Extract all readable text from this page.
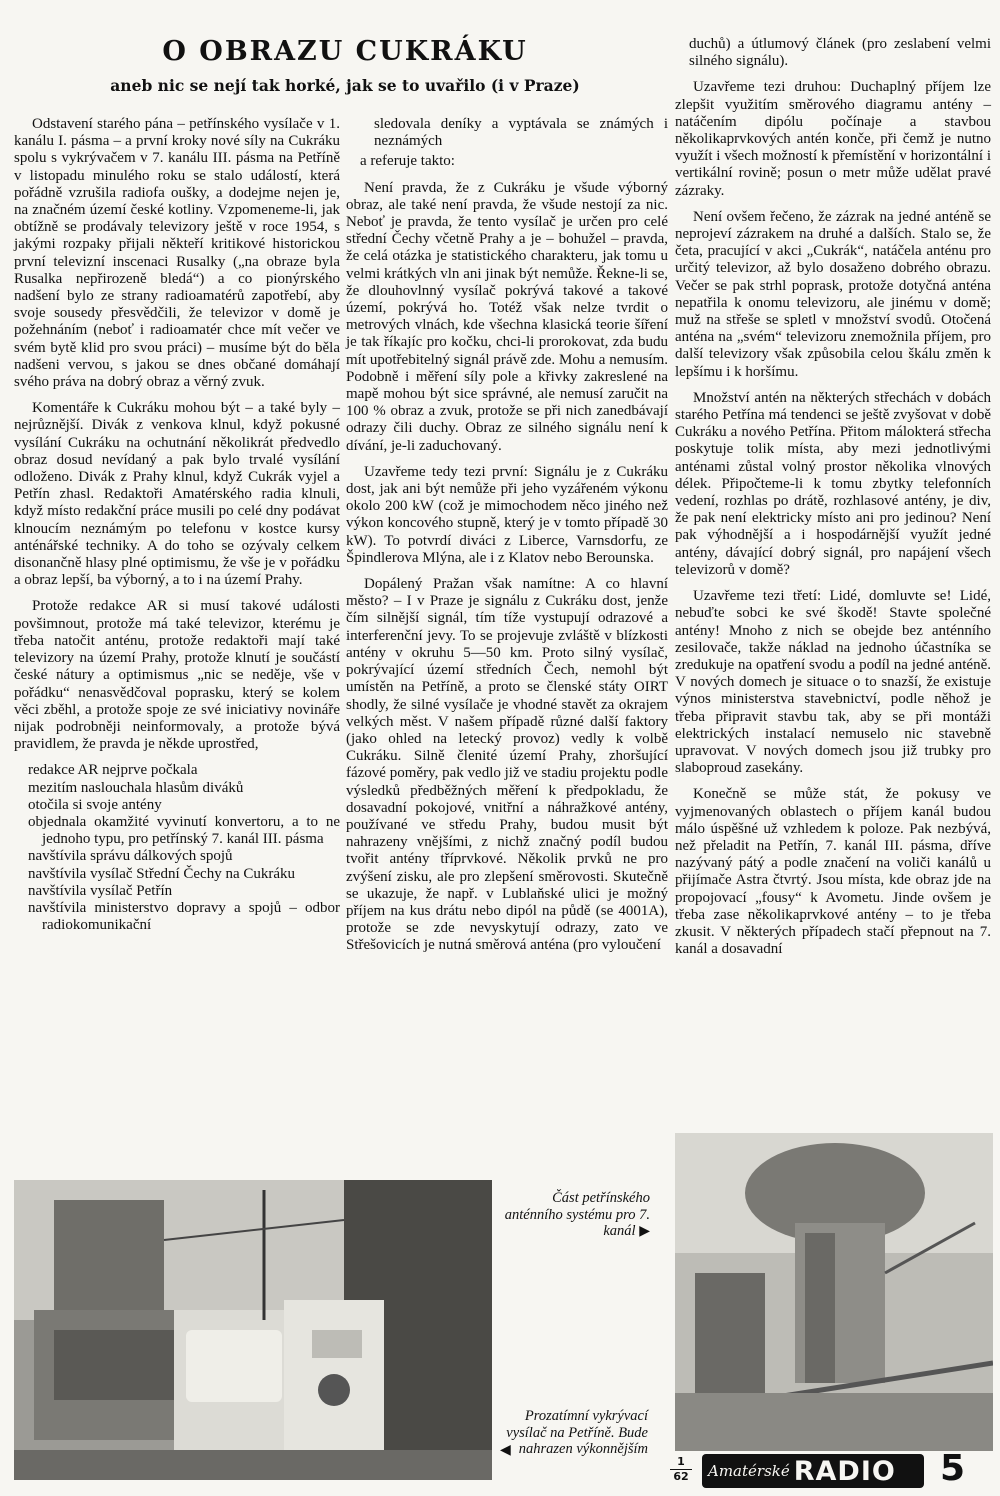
O OBRAZU CUKRÁKU
aneb nic se nejí tak horké, jak se to uvařilo (i v Praze)

Odstavení starého pána – petřínského vysílače v 1. kanálu I. pásma – a první kroky nové síly na Cukráku spolu s vykrývačem v 7. kanálu III. pásma na Petříně v listopadu minulého roku se stalo událostí, která pořádně vzrušila radiofa oušky, a dodejme nejen je, na značném území české kotliny. Vzpomeneme-li, jak obtížně se prodávaly televizory ještě v roce 1954, s jakými rozpaky přijali někteří kritikové historickou první televizní inscenaci Rusalky („na obraze byla Rusalka nepřirozeně bledá“) a co pionýrského nadšení bylo ze strany radioamatérů zapotřebí, aby svoje sousedy přesvědčili, že televizor v domě je požehnáním (neboť i radioamatér chce mít večer ve svém bytě klid pro svou práci) – musíme být do běla nadšeni vervou, s jakou se dnes občané domáhají svého práva na dobrý obraz a věrný zvuk.

Komentáře k Cukráku mohou být – a také byly – nejrůznější. Divák z venkova klnul, když pokusné vysílání Cukráku na ochutnání několikrát předvedlo obraz dosud nevídaný a pak bylo trvalé vysílání odloženo. Divák z Prahy klnul, když Cukrák vyjel a Petřín zhasl. Redaktoři Amatérského radia klnuli, když místo redakční práce musili po celé dny podávat klnoucím neznámým po telefonu v kostce kursy anténářské techniky. A do toho se ozývaly celkem disonančně hlasy plné optimismu, že vše je v pořádku a obraz lepší, ba výborný, a to i na území Prahy.

Protože redakce AR si musí takové události povšimnout, protože má také televizor, kterému je třeba natočit anténu, protože redaktoři mají také televizory na území Prahy, protože klnutí je součástí české nátury a optimismus „nic se neděje, vše v pořádku“ nenasvědčoval poprasku, který se kolem věci zběhl, a protože spoje ze své iniciativy novináře nijak podrobněji neinformovaly, a protože bývá pravidlem, že pravda je někde uprostřed,

redakce AR nejprve počkala
mezitím naslouchala hlasům diváků
otočila si svoje antény
objednala okamžité vyvinutí konvertoru, a to ne jednoho typu, pro petřínský 7. kanál III. pásma
navštívila správu dálkových spojů
navštívila vysílač Střední Čechy na Cukráku
navštívila vysílač Petřín
navštívila ministerstvo dopravy a spojů – odbor radiokomunikační

sledovala deníky a vyptávala se známých i neznámých

a referuje takto:

Není pravda, že z Cukráku je všude výborný obraz, ale také není pravda, že všude nestojí za nic. Neboť je pravda, že tento vysílač je určen pro celé střední Čechy včetně Prahy a je – bohužel – pravda, že celá otázka je statistického charakteru, jak tomu u velmi krátkých vln ani jinak být nemůže. Řekne-li se, že dlouhovlnný vysílač pokrývá takové a takové území, pokrývá ho. Totéž však nelze tvrdit o metrových vlnách, kde všechna klasická teorie šíření je tak říkajíc pro kočku, chci-li prorokovat, zda budu mít upotřebitelný signál právě zde. Mohu a nemusím. Podobně i měření síly pole a křivky zakreslené na mapě mohou být sice správné, ale nemusí zaručit na 100 % obraz a zvuk, protože se při nich zanedbávají odrazy čili duchy. Obraz ze silného signálu není k dívání, je-li zaduchovaný.

Uzavřeme tedy tezi první: Signálu je z Cukráku dost, jak ani být nemůže při jeho vyzářeném výkonu okolo 200 kW (což je mimochodem něco jiného než výkon koncového stupně, který je v tomto případě 30 kW). To potvrdí diváci z Liberce, Varnsdorfu, ze Špindlerova Mlýna, ale i z Klatov nebo Berounska.

Dopálený Pražan však namítne: A co hlavní město? – I v Praze je signálu z Cukráku dost, jenže čím silnější signál, tím tíže vystupují odrazové a interferenční jevy. To se projevuje zvláště v blízkosti antény v okruhu 5—50 km. Proto silný vysílač, pokrývající území středních Čech, nemohl být umístěn na Petříně, a proto se členské státy OIRT shodly, že silné vysílače je vhodné stavět za okrajem velkých měst. V našem případě různé další faktory (jako ohled na letecký provoz) vedly k volbě Cukráku. Silně členité území Prahy, zhoršující fázové poměry, pak vedlo již ve stadiu projektu podle výsledků předběžných měření k předpokladu, že dosavadní pokojové, vnitřní a náhražkové antény, používané ve středu Prahy, budou musit být nahrazeny vnějšími, z nichž značný podíl budou tvořit antény tříprvkové. Několik prvků ne pro zvýšení zisku, ale pro zlepšení směrovosti. Skutečně se ukazuje, že např. v Lublaňské ulici je možný příjem na kus drátu nebo dipól na půdě (se 4001A), protože se zde nevyskytují odrazy, zato ve Střešovicích je nutná směrová anténa (pro vyloučení

duchů) a útlumový článek (pro zeslabení velmi silného signálu).

Uzavřeme tezi druhou: Duchaplný příjem lze zlepšit využitím směrového diagramu antény – natáčením dipólu počínaje a stavbou několikaprvkových antén konče, při čemž je nutno využít i všech možností k přemístění v horizontální i vertikální rovině; posun o metr může udělat pravé zázraky.

Není ovšem řečeno, že zázrak na jedné anténě se neprojeví zázrakem na druhé a dalších. Stalo se, že četa, pracující v akci „Cukrák“, natáčela anténu pro určitý televizor, až bylo dosaženo dobrého obrazu. Večer se pak strhl poprask, protože dotyčná anténa nepatřila k onomu televizoru, ale jinému v domě; muž na střeše se spletl v množství svodů. Otočená anténa na „svém“ televizoru znemožnila příjem, pro další televizory však způsobila celou škálu změn k lepšímu i k horšímu.

Množství antén na některých střechách v dobách starého Petřína má tendenci se ještě zvyšovat v době Cukráku a nového Petřína. Přitom málokterá střecha poskytuje tolik místa, aby mezi jednotlivými anténami zůstal volný prostor několika vlnových délek. Připočteme-li k tomu zbytky telefonních vedení, rozhlas po drátě, rozhlasové antény, je div, že pak není elektricky místo ani pro jedinou? Není pak výhodnější a i hospodárnější využít jedné antény, dávající dobrý signál, pro napájení všech televizorů v domě?

Uzavřeme tezi třetí: Lidé, domluvte se! Lidé, nebuďte sobci ke své škodě! Stavte společné antény! Mnoho z nich se obejde bez anténního zesilovače, takže náklad na jednoho účastníka se zredukuje na opatření svodu a podíl na jedné anténě. V nových domech je situace o to snazší, že existuje výnos ministerstva stavebnictví, podle něhož je třeba připravit stavbu tak, aby se při montáži elektrických instalací nemuselo nic stavebně upravovat. V nových domech jsou již trubky pro slaboproud zasekány.

Konečně se může stát, že pokusy ve vyjmenovaných oblastech o příjem kanál budou málo úspěšné už vzhledem k poloze. Pak nezbývá, než přeladit na Petřín, 7. kanál III. pásma, dříve nazývaný pátý a podle značení na voliči kanálů u přijímače Astra čtvrtý. Jsou místa, kde obraz jde na propojovací „fousy“ k Avometu. Jinde ovšem je třeba zase několikaprvkové antény – to je třeba zkusit. V některých případech stačí přepnout na 7. kanál a dosavadní

Část petřínského anténního systému pro 7. kanál ▶
Prozatímní vykrývací vysílač na Petříně. Bude nahrazen výkonnějším
◀
1
62 Amatérské RADIO 5
